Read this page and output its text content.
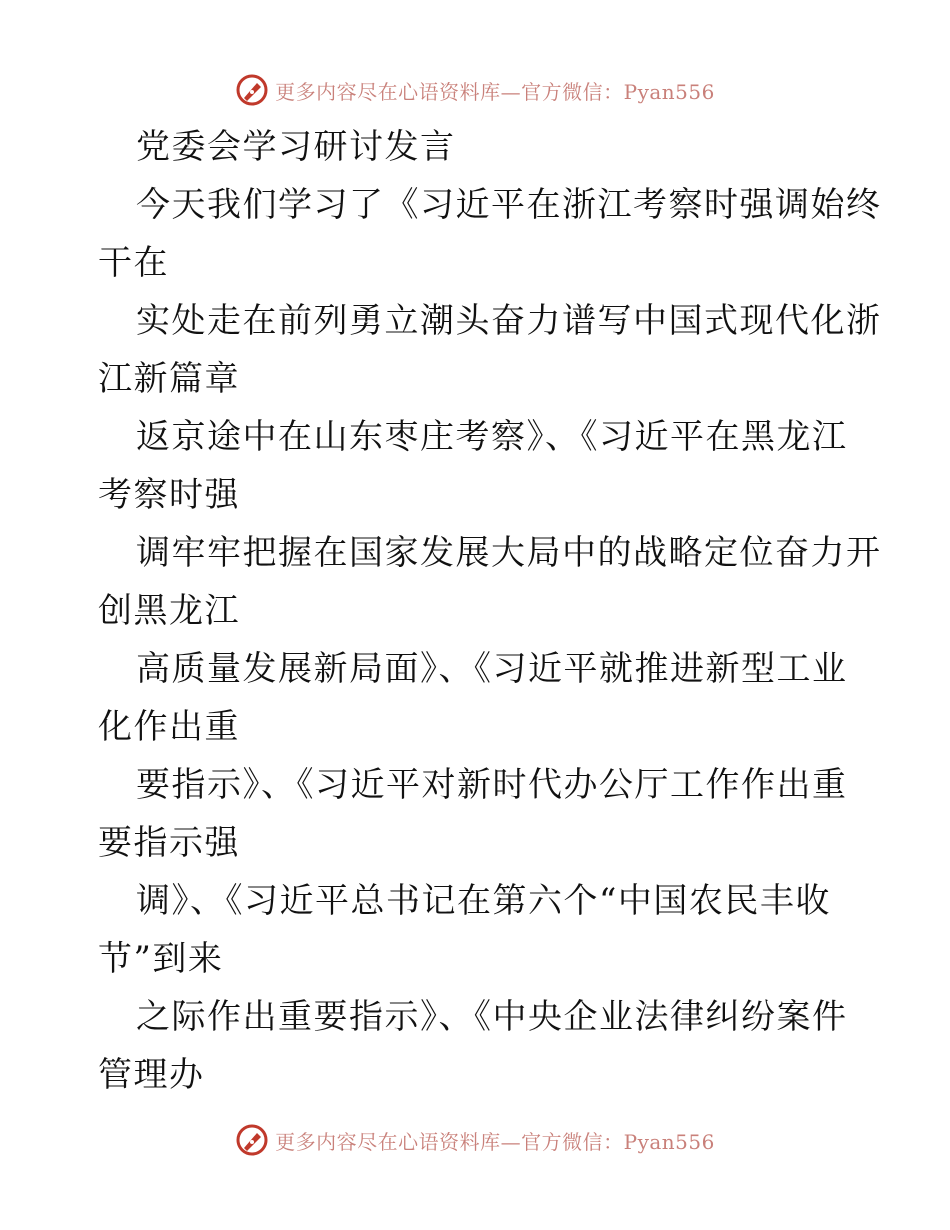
更多内容尽在心语资料库—官方微信：Pyan556
党委会学习研讨发言
今天我们学习了《习近平在浙江考察时强调始终
干在
实处走在前列勇立潮头奋力谱写中国式现代化浙
江新篇章
返京途中在山东枣庄考察》、《习近平在黑龙江
考察时强
调牢牢把握在国家发展大局中的战略定位奋力开
创黑龙江
高质量发展新局面》、《习近平就推进新型工业
化作出重
要指示》、《习近平对新时代办公厅工作作出重
要指示强
调》、《习近平总书记在第六个“中国农民丰收
节”到来
之际作出重要指示》、《中央企业法律纠纷案件
管理办
更多内容尽在心语资料库—官方微信：Pyan556
